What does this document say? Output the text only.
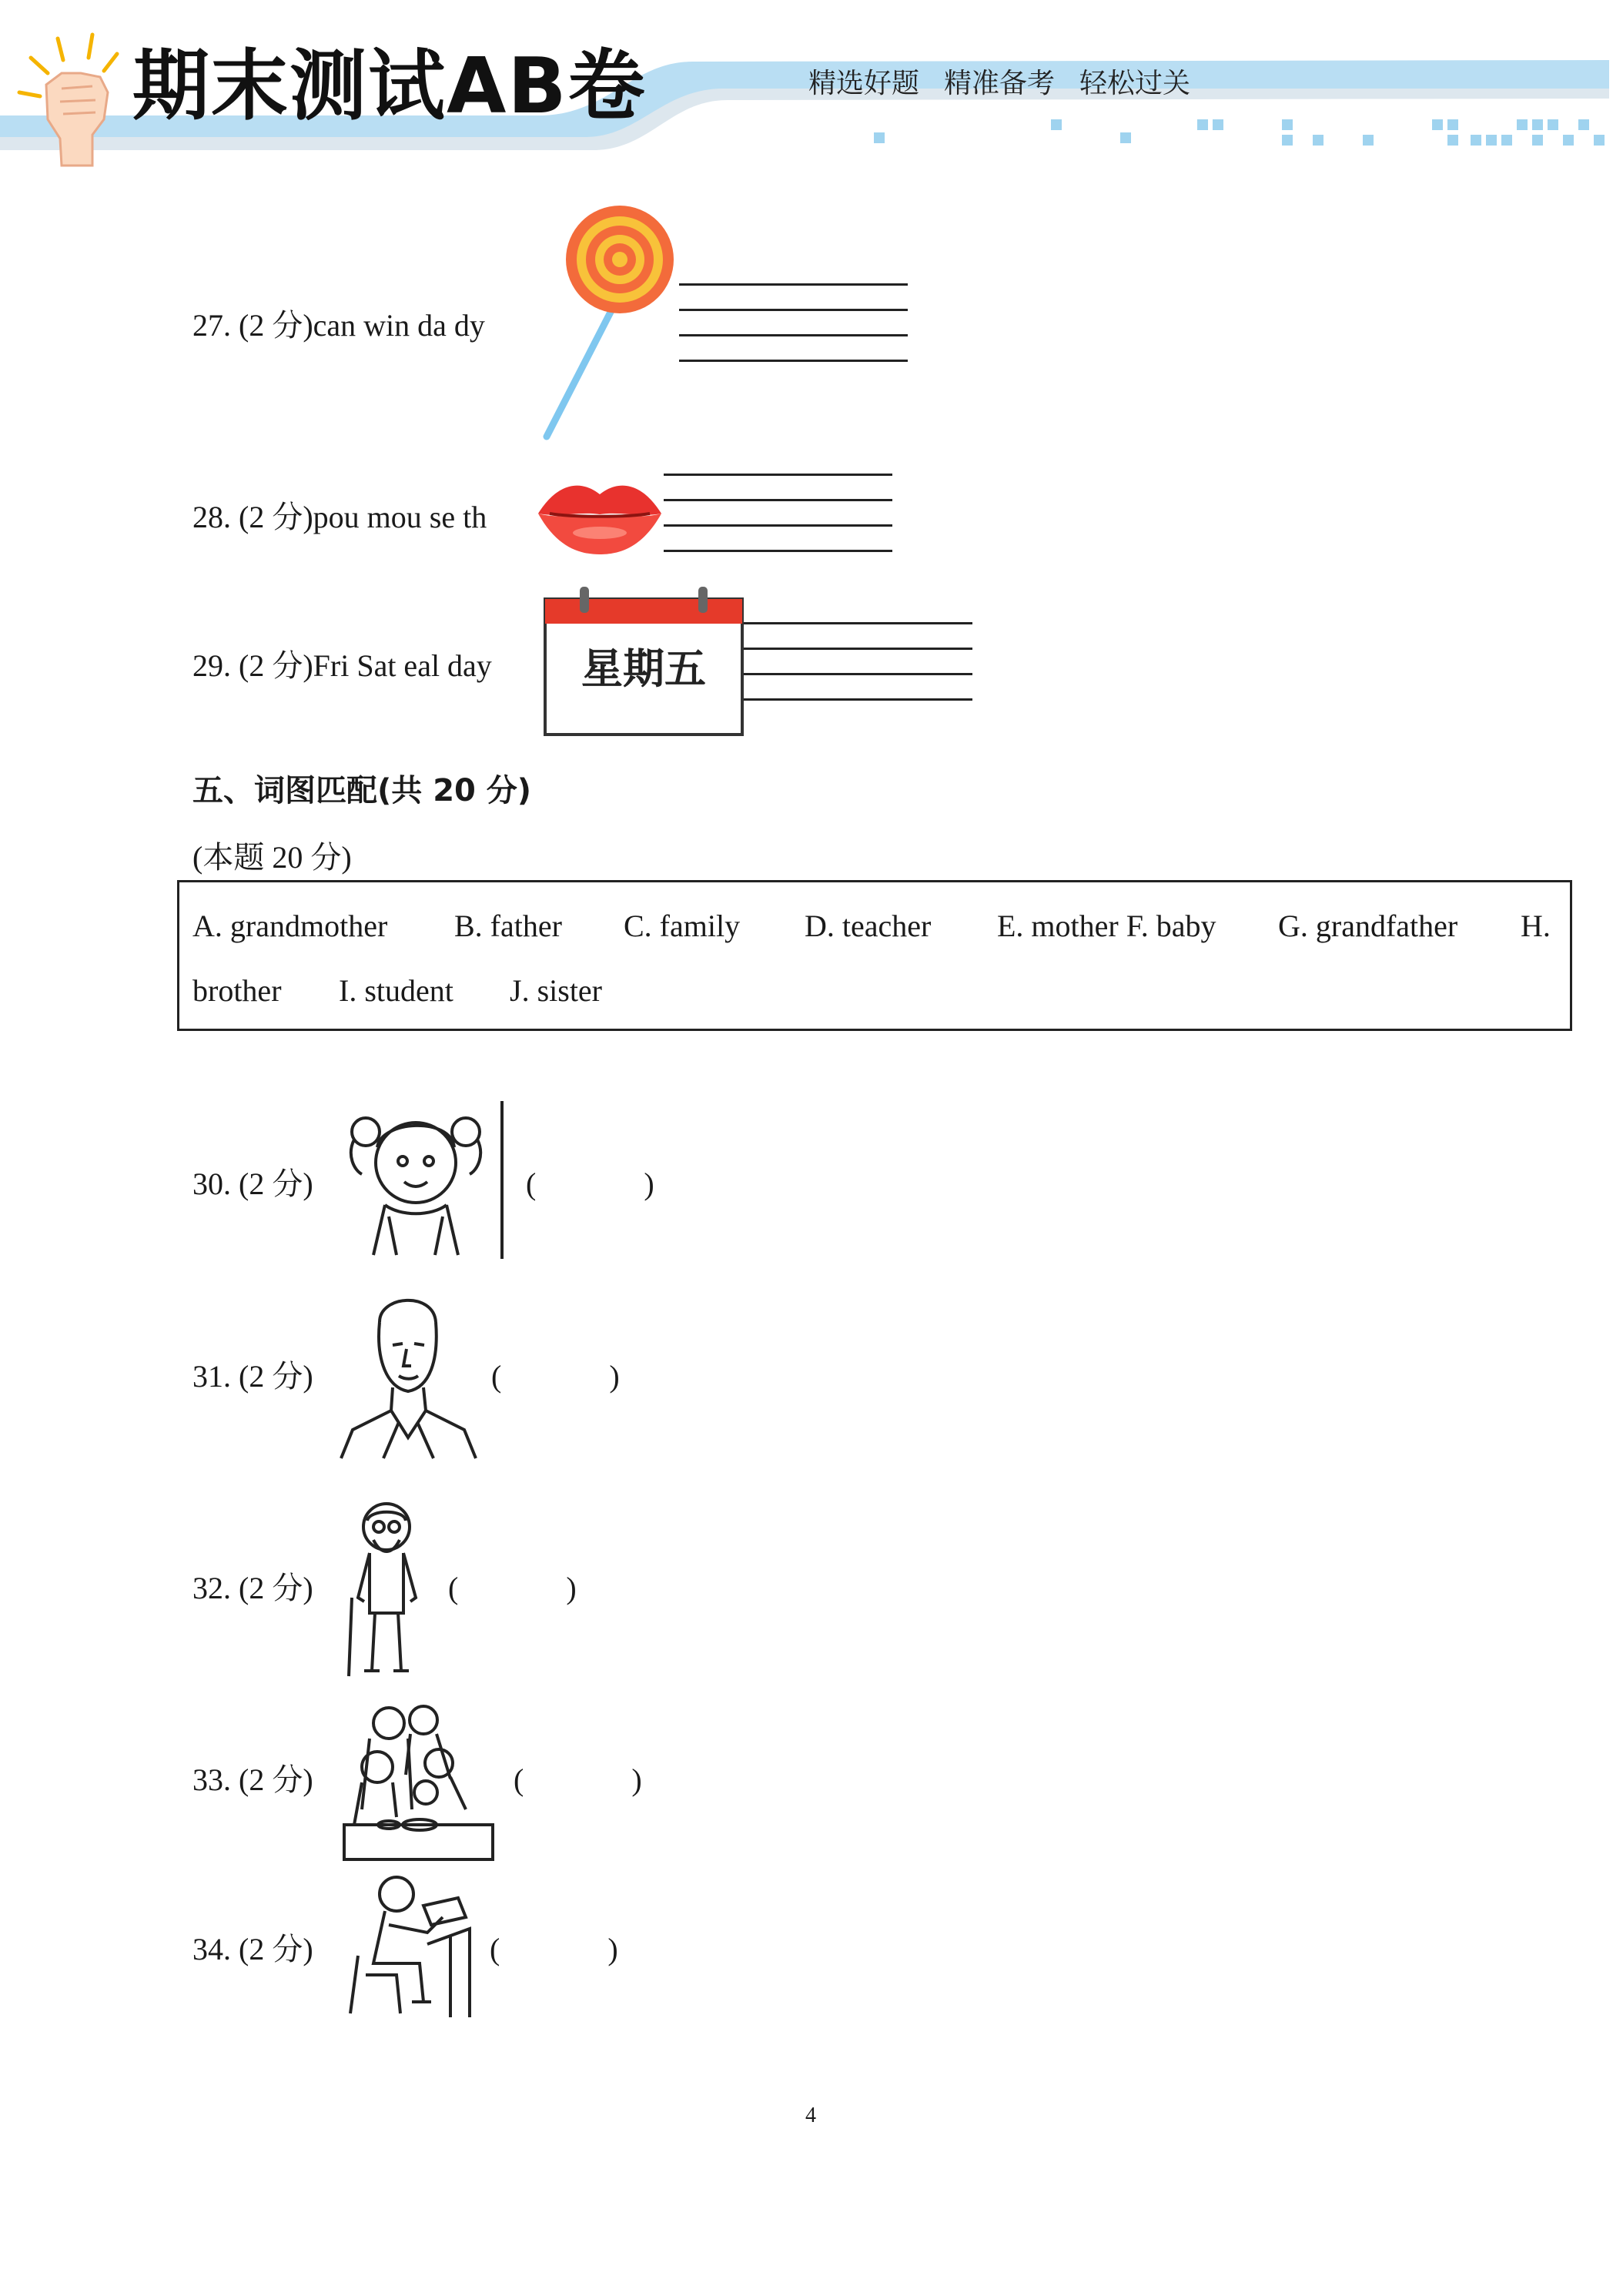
期末测试AB卷	精选好题 精准备考 轻松过关
27. (2 分)can win da dy
28. (2 分)pou mou se th
29. (2 分)Fri Sat eal day	星期五
五、词图匹配(共 20 分)
(本题 20 分)
A. grandmother B. father C. family D. teacher E. mother F. baby G. grandfather H.
brother I. student J. sister
30. (2 分)	(	)
31. (2 分)	(	)
32. (2 分)	(	)
33. (2 分)	(	)
34. (2 分)	(	)
4
